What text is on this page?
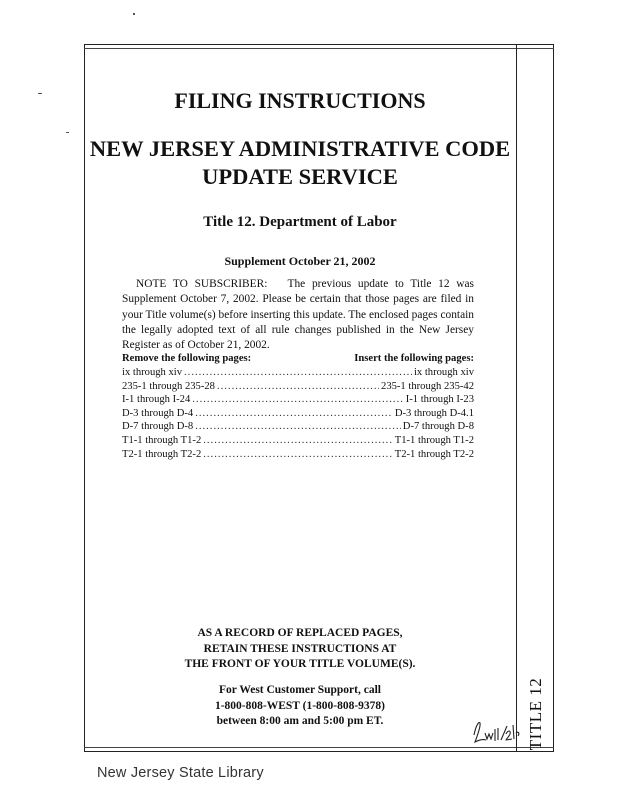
TITLE 12
FILING INSTRUCTIONS
NEW JERSEY ADMINISTRATIVE CODE
UPDATE SERVICE
Title 12. Department of Labor
Supplement October 21, 2002
NOTE TO SUBSCRIBER: The previous update to Title 12 was Supplement October 7, 2002. Please be certain that those pages are filed in your Title volume(s) before inserting this update. The enclosed pages contain the legally adopted text of all rule changes published in the New Jersey Register as of October 21, 2002.
Remove the following pages:	Insert the following pages:
ix through xiv .....	ix through xiv
235-1 through 235-28 .....	235-1 through 235-42
I-1 through I-24 .....	I-1 through I-23
D-3 through D-4 .....	D-3 through D-4.1
D-7 through D-8 .....	D-7 through D-8
T1-1 through T1-2 .....	T1-1 through T1-2
T2-1 through T2-2 .....	T2-1 through T2-2
AS A RECORD OF REPLACED PAGES,
RETAIN THESE INSTRUCTIONS AT
THE FRONT OF YOUR TITLE VOLUME(S).
For West Customer Support, call
1-800-808-WEST (1-800-808-9378)
between 8:00 am and 5:00 pm ET.
New Jersey State Library
